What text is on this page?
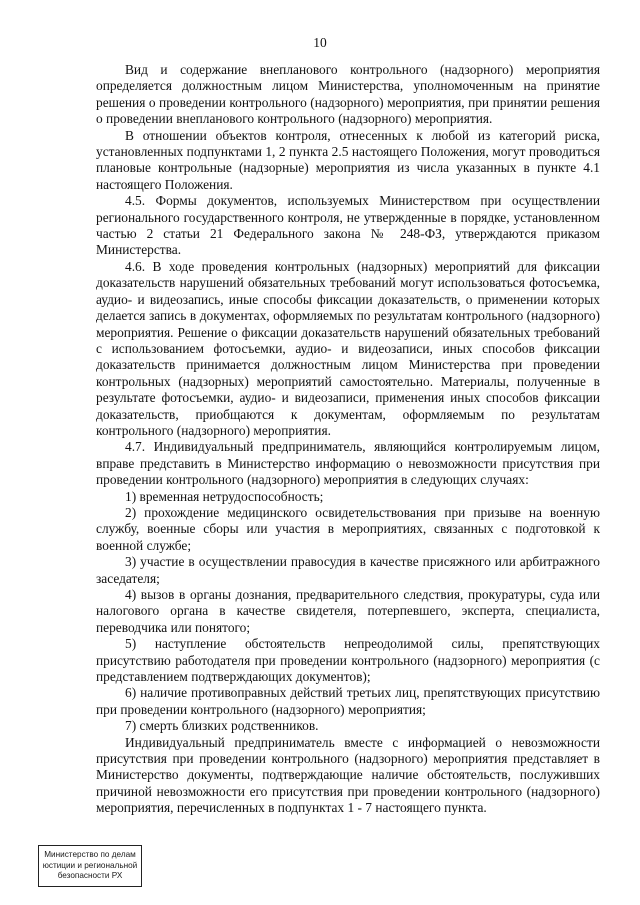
10

Вид и содержание внепланового контрольного (надзорного) мероприятия определяется должностным лицом Министерства, уполномоченным на принятие решения о проведении контрольного (надзорного) мероприятия, при принятии решения о проведении внепланового контрольного (надзорного) мероприятия.

В отношении объектов контроля, отнесенных к любой из категорий риска, установленных подпунктами 1, 2 пункта 2.5 настоящего Положения, могут проводиться плановые контрольные (надзорные) мероприятия из числа указанных в пункте 4.1 настоящего Положения.

4.5. Формы документов, используемых Министерством при осуществлении регионального государственного контроля, не утвержденные в порядке, установленном частью 2 статьи 21 Федерального закона № 248-ФЗ, утверждаются приказом Министерства.

4.6. В ходе проведения контрольных (надзорных) мероприятий для фиксации доказательств нарушений обязательных требований могут использоваться фотосъемка, аудио- и видеозапись, иные способы фиксации доказательств, о применении которых делается запись в документах, оформляемых по результатам контрольного (надзорного) мероприятия. Решение о фиксации доказательств нарушений обязательных требований с использованием фотосъемки, аудио- и видеозаписи, иных способов фиксации доказательств принимается должностным лицом Министерства при проведении контрольных (надзорных) мероприятий самостоятельно. Материалы, полученные в результате фотосъемки, аудио- и видеозаписи, применения иных способов фиксации доказательств, приобщаются к документам, оформляемым по результатам контрольного (надзорного) мероприятия.

4.7. Индивидуальный предприниматель, являющийся контролируемым лицом, вправе представить в Министерство информацию о невозможности присутствия при проведении контрольного (надзорного) мероприятия в следующих случаях:

1) временная нетрудоспособность;

2) прохождение медицинского освидетельствования при призыве на военную службу, военные сборы или участия в мероприятиях, связанных с подготовкой к военной службе;

3) участие в осуществлении правосудия в качестве присяжного или арбитражного заседателя;

4) вызов в органы дознания, предварительного следствия, прокуратуры, суда или налогового органа в качестве свидетеля, потерпевшего, эксперта, специалиста, переводчика или понятого;

5) наступление обстоятельств непреодолимой силы, препятствующих присутствию работодателя при проведении контрольного (надзорного) мероприятия (с представлением подтверждающих документов);

6) наличие противоправных действий третьих лиц, препятствующих присутствию при проведении контрольного (надзорного) мероприятия;

7) смерть близких родственников.

Индивидуальный предприниматель вместе с информацией о невозможности присутствия при проведении контрольного (надзорного) мероприятия представляет в Министерство документы, подтверждающие наличие обстоятельств, послуживших причиной невозможности его присутствия при проведении контрольного (надзорного) мероприятия, перечисленных в подпунктах 1 - 7 настоящего пункта.

Министерство по делам
юстиции и региональной
безопасности РХ
